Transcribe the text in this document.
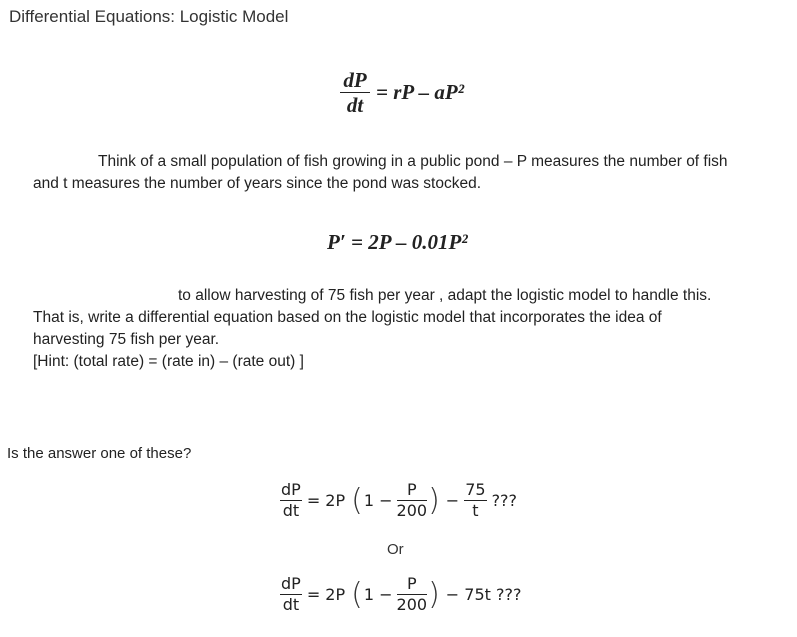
Differential Equations: Logistic Model
$\frac{dP}{dt}$ = rP – aP²
Think of a small population of fish growing in a public pond – P measures the number of fish
and t measures the number of years since the pond was stocked.
P′ = 2P – 0.01P²
to allow harvesting of 75 fish per year , adapt the logistic model to handle this.
That is, write a differential equation based on the logistic model that incorporates the idea of
harvesting 75 fish per year.
[Hint: (total rate) = (rate in) – (rate out) ]
Is the answer one of these?
$\frac{dP}{dt} = 2P$ ( $1 - \frac{P}{200}$ ) − $\frac{75}{t}$ ???
Or
$\frac{dP}{dt} = 2P$ ( $1 - \frac{P}{200}$ ) − 75t ???
